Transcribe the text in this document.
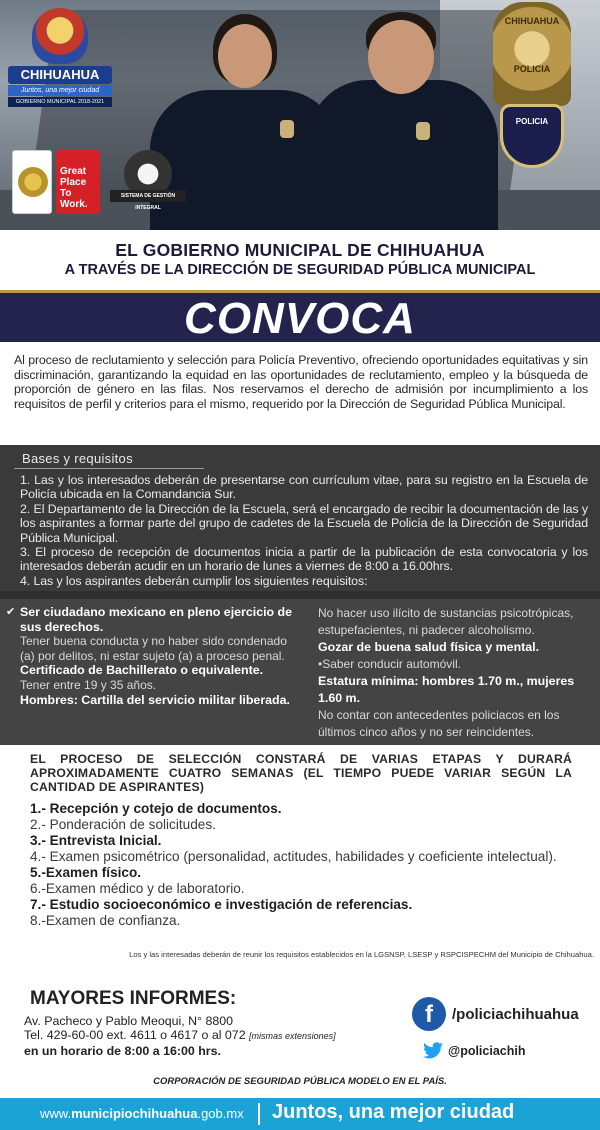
CHIHUAHUA
Juntos, una mejor ciudad
GOBIERNO MUNICIPAL 2018-2021
Great Place To Work.
SISTEMA DE GESTIÓN INTEGRAL
CHIHUAHUA
POLICIA
POLICIA
EL GOBIERNO MUNICIPAL DE CHIHUAHUA
A TRAVÉS DE LA DIRECCIÓN DE SEGURIDAD PÚBLICA MUNICIPAL
CONVOCA

Al proceso de reclutamiento y selección para Policía Preventivo, ofreciendo oportunidades equitativas y sin discriminación, garantizando la equidad en las oportunidades de reclutamiento, empleo y la búsqueda de proporción de género en las filas. Nos reservamos el derecho de admisión por incumplimiento a los requisitos de perfil y criterios para el mismo, requerido por la Dirección de Seguridad Pública Municipal.

Bases y requisitos

1. Las y los interesados deberán de presentarse con currículum vitae, para su registro en la Escuela de Policía ubicada en la Comandancia Sur.

2. El Departamento de la Dirección de la Escuela, será el encargado de recibir la documentación de las y los aspirantes a formar parte del grupo de cadetes de la Escuela de Policía de la Dirección de Seguridad Pública Municipal.

3. El proceso de recepción de documentos inicia a partir de la publicación de esta convocatoria y los interesados deberán acudir en un horario de lunes a viernes de 8:00 a 16.00hrs.

4. Las y los aspirantes deberán cumplir los siguientes requisitos:

✔ Ser ciudadano mexicano en pleno ejercicio de sus derechos.
Tener buena conducta y no haber sido condenado (a) por delitos, ni estar sujeto (a) a proceso penal.
Certificado de Bachillerato o equivalente.
Tener entre 19 y 35 años.
Hombres: Cartilla del servicio militar liberada.
No hacer uso ilícito de sustancias psicotrópicas, estupefacientes, ni padecer alcoholismo.
Gozar de buena salud física y mental.
•Saber conducir automóvil.
Estatura mínima: hombres 1.70 m., mujeres 1.60 m.
No contar con antecedentes policiacos en los últimos cinco años y no ser reincidentes.
EL PROCESO DE SELECCIÓN CONSTARÁ DE VARIAS ETAPAS Y DURARÁ APROXIMADAMENTE CUATRO SEMANAS (EL TIEMPO PUEDE VARIAR SEGÚN LA CANTIDAD DE ASPIRANTES)
1.- Recepción y cotejo de documentos.
2.- Ponderación de solicitudes.
3.- Entrevista Inicial.
4.- Examen psicométrico (personalidad, actitudes, habilidades y coeficiente intelectual).
5.-Examen físico.
6.-Examen médico y de laboratorio.
7.- Estudio socioeconómico e investigación de referencias.
8.-Examen de confianza.
Los y las interesadas deberán de reunir los requisitos establecidos en la LGSNSP, LSESP y RSPCISPECHM del Municipio de Chihuahua.
MAYORES INFORMES:
Av. Pacheco y Pablo Meoqui, N° 8800
Tel. 429-60-00 ext. 4611 o 4617 o al 072 [mismas extensiones]
en un horario de 8:00 a 16:00 hrs.
f	/policiachihuahua
@policiachih
CORPORACIÓN DE SEGURIDAD PÚBLICA MODELO EN EL PAÍS.
www.municipiochihuahua.gob.mx Juntos, una mejor ciudad
